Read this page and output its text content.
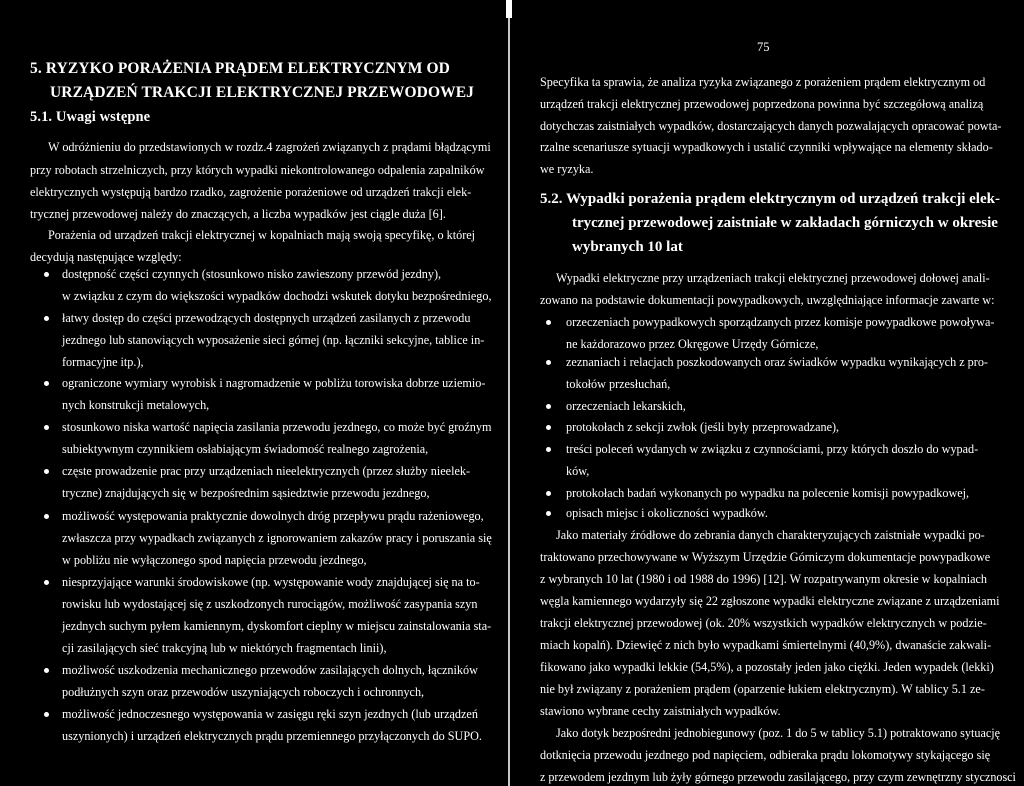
5. RYZYKO PORAŻENIA PRĄDEM ELEKTRYCZNYM OD
URZĄDZEŃ TRAKCJI ELEKTRYCZNEJ PRZEWODOWEJ
5.1. Uwagi wstępne
W odróżnieniu do przedstawionych w rozdz.4 zagrożeń związanych z prądami błądzącymi
przy robotach strzelniczych, przy których wypadki niekontrolowanego odpalenia zapalników
elektrycznych występują bardzo rzadko, zagrożenie porażeniowe od urządzeń trakcji elek-
trycznej przewodowej należy do znaczących, a liczba wypadków jest ciągle duża [6].
Porażenia od urządzeń trakcji elektrycznej w kopalniach mają swoją specyfikę, o której
decydują następujące względy:
dostępność części czynnych (stosunkowo nisko zawieszony przewód jezdny),
w związku z czym do większości wypadków dochodzi wskutek dotyku bezpośredniego,
łatwy dostęp do części przewodzących dostępnych urządzeń zasilanych z przewodu
jezdnego lub stanowiących wyposażenie sieci górnej (np. łączniki sekcyjne, tablice in-
formacyjne itp.),
ograniczone wymiary wyrobisk i nagromadzenie w pobliżu torowiska dobrze uziemio-
nych konstrukcji metalowych,
stosunkowo niska wartość napięcia zasilania przewodu jezdnego, co może być groźnym
subiektywnym czynnikiem osłabiającym świadomość realnego zagrożenia,
częste prowadzenie prac przy urządzeniach nieelektrycznych (przez służby nieelek-
tryczne) znajdujących się w bezpośrednim sąsiedztwie przewodu jezdnego,
możliwość występowania praktycznie dowolnych dróg przepływu prądu rażeniowego,
zwłaszcza przy wypadkach związanych z ignorowaniem zakazów pracy i poruszania się
w pobliżu nie wyłączonego spod napięcia przewodu jezdnego,
niesprzyjające warunki środowiskowe (np. występowanie wody znajdującej się na to-
rowisku lub wydostającej się z uszkodzonych rurociągów, możliwość zasypania szyn
jezdnych suchym pyłem kamiennym, dyskomfort cieplny w miejscu zainstalowania sta-
cji zasilających sieć trakcyjną lub w niektórych fragmentach linii),
możliwość uszkodzenia mechanicznego przewodów zasilających dolnych, łączników
podłużnych szyn oraz przewodów uszyniających roboczych i ochronnych,
możliwość jednoczesnego występowania w zasięgu ręki szyn jezdnych (lub urządzeń
uszynionych) i urządzeń elektrycznych prądu przemiennego przyłączonych do SUPO.
75
Specyfika ta sprawia, że analiza ryzyka związanego z porażeniem prądem elektrycznym od
urządzeń trakcji elektrycznej przewodowej poprzedzona powinna być szczegółową analizą
dotychczas zaistniałych wypadków, dostarczających danych pozwalających opracować powta-
rzalne scenariusze sytuacji wypadkowych i ustalić czynniki wpływające na elementy składo-
we ryzyka.
5.2. Wypadki porażenia prądem elektrycznym od urządzeń trakcji elek-
trycznej przewodowej zaistniałe w zakładach górniczych w okresie
wybranych 10 lat
Wypadki elektryczne przy urządzeniach trakcji elektrycznej przewodowej dołowej anali-
zowano na podstawie dokumentacji powypadkowych, uwzględniające informacje zawarte w:
orzeczeniach powypadkowych sporządzanych przez komisje powypadkowe powoływa-
ne każdorazowo przez Okręgowe Urzędy Górnicze,
zeznaniach i relacjach poszkodowanych oraz świadków wypadku wynikających z pro-
tokołów przesłuchań,
orzeczeniach lekarskich,
protokołach z sekcji zwłok (jeśli były przeprowadzane),
treści poleceń wydanych w związku z czynnościami, przy których doszło do wypad-
ków,
protokołach badań wykonanych po wypadku na polecenie komisji powypadkowej,
opisach miejsc i okoliczności wypadków.
Jako materiały źródłowe do zebrania danych charakteryzujących zaistniałe wypadki po-
traktowano przechowywane w Wyższym Urzędzie Górniczym dokumentacje powypadkowe
z wybranych 10 lat (1980 i od 1988 do 1996) [12]. W rozpatrywanym okresie w kopalniach
węgla kamiennego wydarzyły się 22 zgłoszone wypadki elektryczne związane z urządzeniami
trakcji elektrycznej przewodowej (ok. 20% wszystkich wypadków elektrycznych w podzie-
miach kopalń). Dziewięć z nich było wypadkami śmiertelnymi (40,9%), dwanaście zakwali-
fikowano jako wypadki lekkie (54,5%), a pozostały jeden jako ciężki. Jeden wypadek (lekki)
nie był związany z porażeniem prądem (oparzenie łukiem elektrycznym). W tablicy 5.1 ze-
stawiono wybrane cechy zaistniałych wypadków.
Jako dotyk bezpośredni jednobiegunowy (poz. 1 do 5 w tablicy 5.1) potraktowano sytuację
dotknięcia przewodu jezdnego pod napięciem, odbieraka prądu lokomotywy stykającego się
z przewodem jezdnym lub żyły górnego przewodu zasilającego, przy czym zewnętrzny stycznosci
